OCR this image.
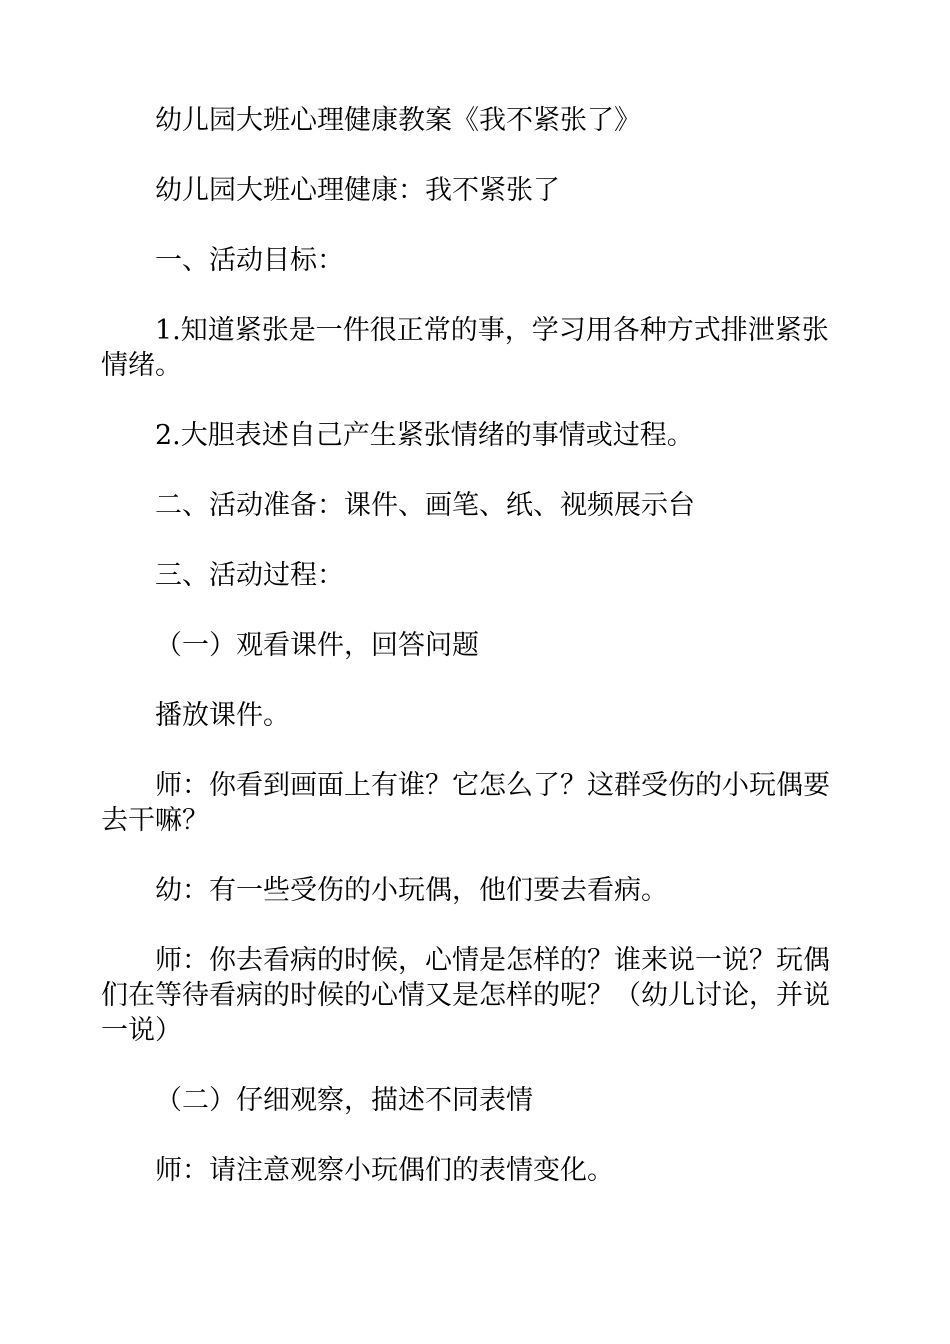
幼儿园大班心理健康教案《我不紧张了》

幼儿园大班心理健康：我不紧张了

一、活动目标：

1.知道紧张是一件很正常的事，学习用各种方式排泄紧张情绪。

2.大胆表述自己产生紧张情绪的事情或过程。

二、活动准备：课件、画笔、纸、视频展示台

三、活动过程：

（一）观看课件，回答问题

播放课件。

师：你看到画面上有谁？它怎么了？这群受伤的小玩偶要去干嘛？

幼：有一些受伤的小玩偶，他们要去看病。

师：你去看病的时候，心情是怎样的？谁来说一说？玩偶们在等待看病的时候的心情又是怎样的呢？（幼儿讨论，并说一说）

（二）仔细观察，描述不同表情

师：请注意观察小玩偶们的表情变化。
